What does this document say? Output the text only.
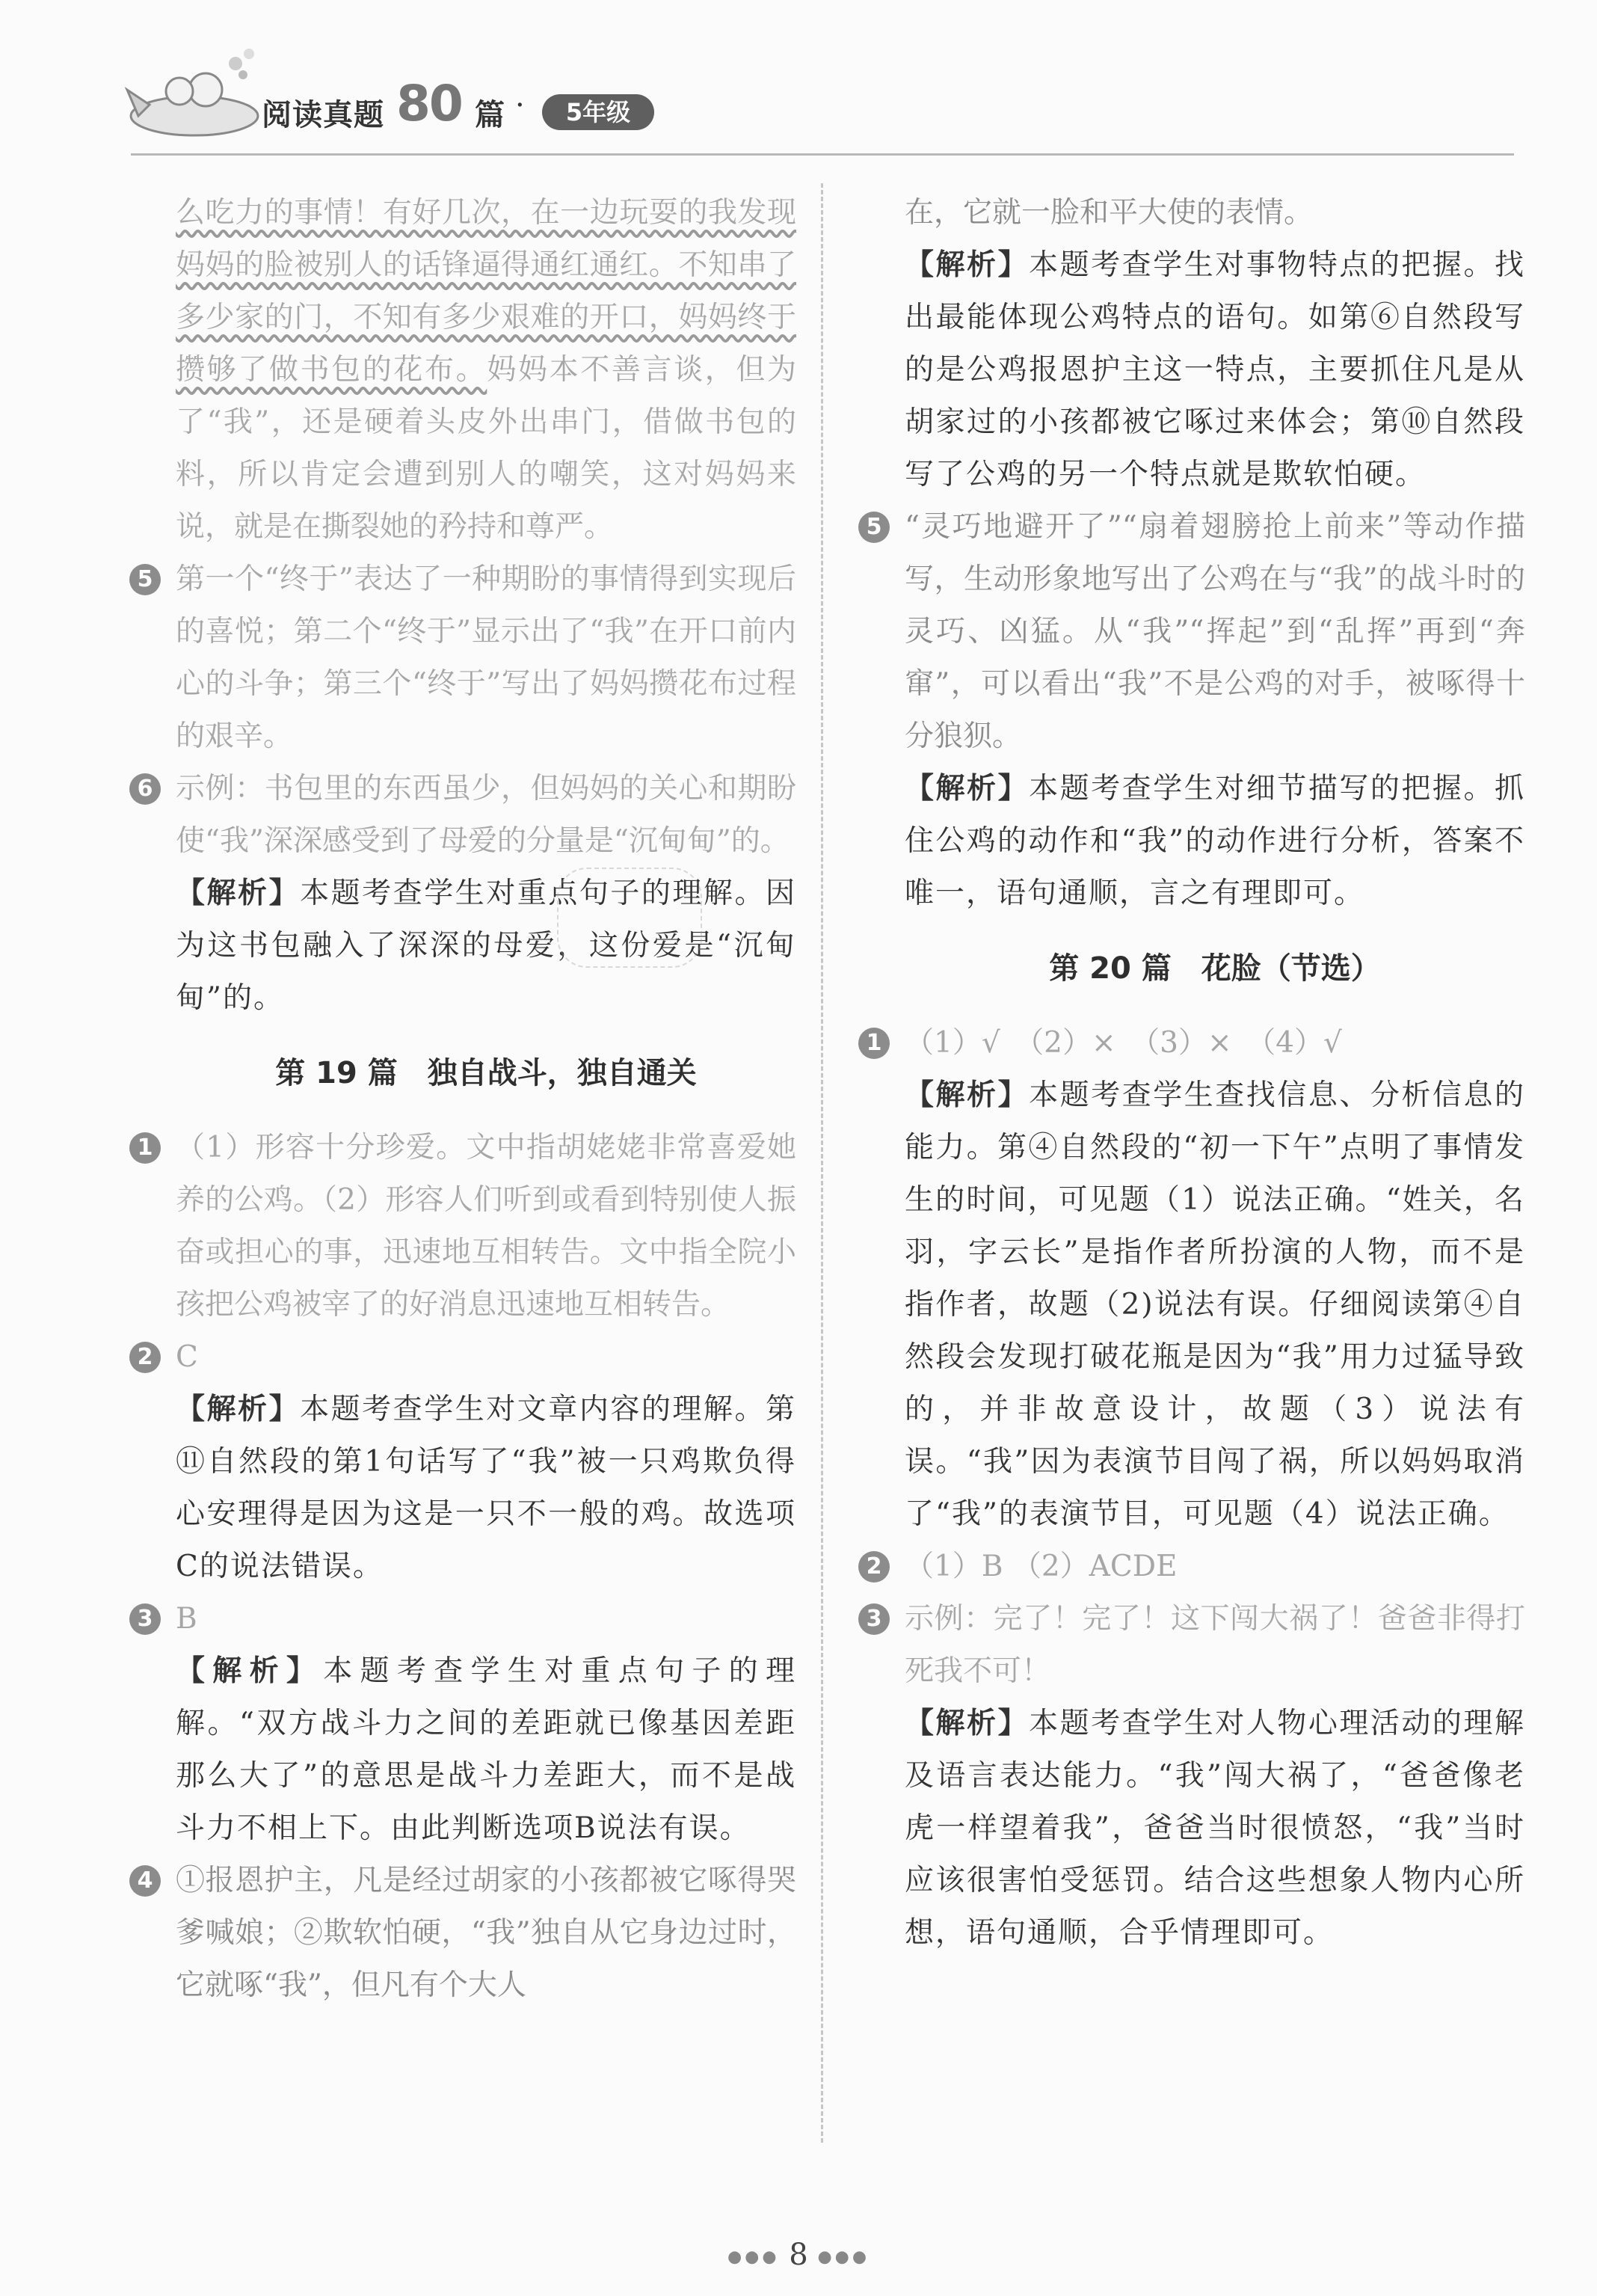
阅读真题 80 篇 ·	5年级

么吃力的事情！有好几次，在一边玩耍的我发现妈妈的脸被别人的话锋逼得通红通红。不知串了多少家的门，不知有多少艰难的开口，妈妈终于攒够了做书包的花布。妈妈本不善言谈，但为了“我”，还是硬着头皮外出串门，借做书包的料，所以肯定会遭到别人的嘲笑，这对妈妈来说，就是在撕裂她的矜持和尊严。

5 第一个“终于”表达了一种期盼的事情得到实现后的喜悦；第二个“终于”显示出了“我”在开口前内心的斗争；第三个“终于”写出了妈妈攒花布过程的艰辛。

6 示例：书包里的东西虽少，但妈妈的关心和期盼使“我”深深感受到了母爱的分量是“沉甸甸”的。

【解析】本题考查学生对重点句子的理解。因为这书包融入了深深的母爱，这份爱是“沉甸甸”的。

第 19 篇　独自战斗，独自通关

1 （1）形容十分珍爱。文中指胡姥姥非常喜爱她养的公鸡。（2）形容人们听到或看到特别使人振奋或担心的事，迅速地互相转告。文中指全院小孩把公鸡被宰了的好消息迅速地互相转告。

2 C

【解析】本题考查学生对文章内容的理解。第⑪自然段的第1句话写了“我”被一只鸡欺负得心安理得是因为这是一只不一般的鸡。故选项C的说法错误。

3 B

【解析】本题考查学生对重点句子的理解。“双方战斗力之间的差距就已像基因差距那么大了”的意思是战斗力差距大，而不是战斗力不相上下。由此判断选项B说法有误。

4 ①报恩护主，凡是经过胡家的小孩都被它啄得哭爹喊娘；②欺软怕硬，“我”独自从它身边过时，它就啄“我”，但凡有个大人

在，它就一脸和平大使的表情。

【解析】本题考查学生对事物特点的把握。找出最能体现公鸡特点的语句。如第⑥自然段写的是公鸡报恩护主这一特点，主要抓住凡是从胡家过的小孩都被它啄过来体会；第⑩自然段写了公鸡的另一个特点就是欺软怕硬。

5 “灵巧地避开了”“扇着翅膀抢上前来”等动作描写，生动形象地写出了公鸡在与“我”的战斗时的灵巧、凶猛。从“我”“挥起”到“乱挥”再到“奔窜”，可以看出“我”不是公鸡的对手，被啄得十分狼狈。

【解析】本题考查学生对细节描写的把握。抓住公鸡的动作和“我”的动作进行分析，答案不唯一，语句通顺，言之有理即可。

第 20 篇　花脸（节选）

1 （1）√　（2）×　（3）×　（4）√

【解析】本题考查学生查找信息、分析信息的能力。第④自然段的“初一下午”点明了事情发生的时间，可见题（1）说法正确。“姓关，名羽，字云长”是指作者所扮演的人物，而不是指作者，故题（2)说法有误。仔细阅读第④自然段会发现打破花瓶是因为“我”用力过猛导致的，并非故意设计，故题（3）说法有误。“我”因为表演节目闯了祸，所以妈妈取消了“我”的表演节目，可见题（4）说法正确。

2 （1）B （2）ACDE

3 示例：完了！完了！这下闯大祸了！爸爸非得打死我不可！

【解析】本题考查学生对人物心理活动的理解及语言表达能力。“我”闯大祸了，“爸爸像老虎一样望着我”，爸爸当时很愤怒，“我”当时应该很害怕受惩罚。结合这些想象人物内心所想，语句通顺，合乎情理即可。

●●● 8 ●●●
